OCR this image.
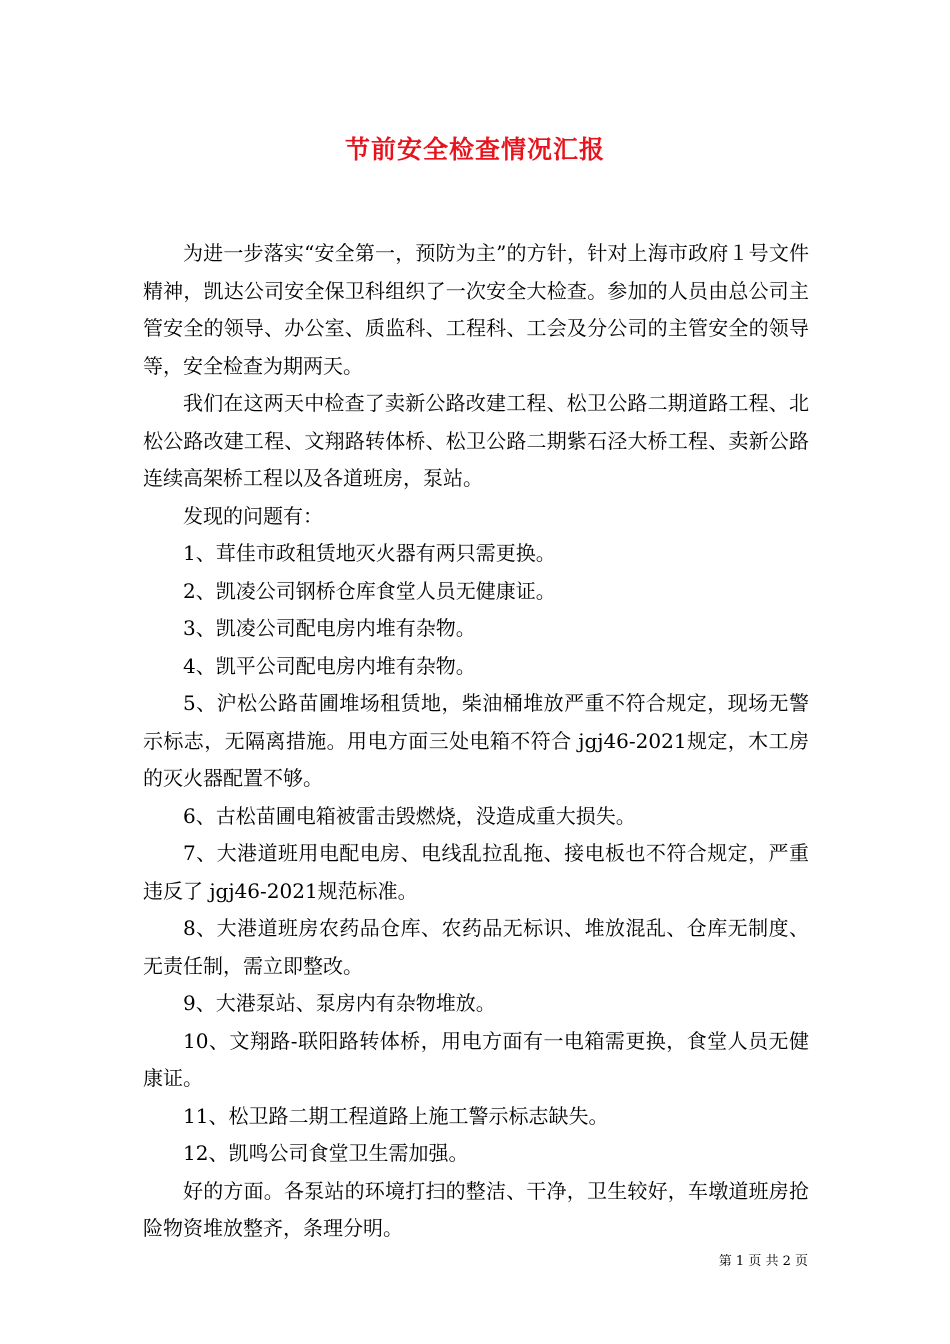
节前安全检查情况汇报

为进一步落实“安全第一，预防为主”的方针，针对上海市政府１号文件精神，凯达公司安全保卫科组织了一次安全大检查。参加的人员由总公司主管安全的领导、办公室、质监科、工程科、工会及分公司的主管安全的领导等，安全检查为期两天。

我们在这两天中检查了卖新公路改建工程、松卫公路二期道路工程、北松公路改建工程、文翔路转体桥、松卫公路二期紫石泾大桥工程、卖新公路连续高架桥工程以及各道班房，泵站。

发现的问题有：

1、茸佳市政租赁地灭火器有两只需更换。

2、凯凌公司钢桥仓库食堂人员无健康证。

3、凯凌公司配电房内堆有杂物。

4、凯平公司配电房内堆有杂物。

5、沪松公路苗圃堆场租赁地，柴油桶堆放严重不符合规定，现场无警示标志，无隔离措施。用电方面三处电箱不符合 jgj46-2021规定，木工房的灭火器配置不够。

6、古松苗圃电箱被雷击毁燃烧，没造成重大损失。

7、大港道班用电配电房、电线乱拉乱拖、接电板也不符合规定，严重违反了 jgj46-2021规范标准。

8、大港道班房农药品仓库、农药品无标识、堆放混乱、仓库无制度、无责任制，需立即整改。

9、大港泵站、泵房内有杂物堆放。

10、文翔路-联阳路转体桥，用电方面有一电箱需更换，食堂人员无健康证。

11、松卫路二期工程道路上施工警示标志缺失。

12、凯鸣公司食堂卫生需加强。

好的方面。各泵站的环境打扫的整洁、干净，卫生较好，车墩道班房抢险物资堆放整齐，条理分明。

第 1 页 共 2 页
